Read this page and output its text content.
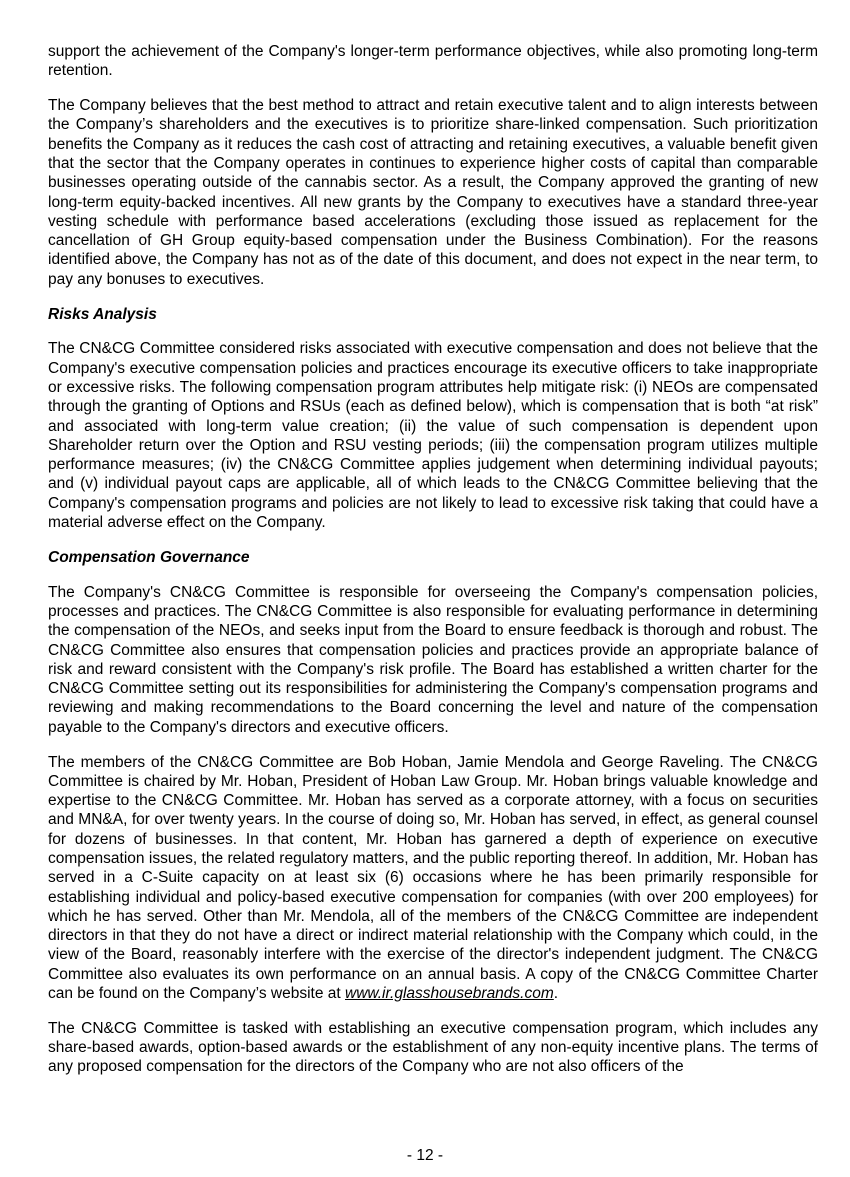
support the achievement of the Company's longer-term performance objectives, while also promoting long-term retention.

The Company believes that the best method to attract and retain executive talent and to align interests between the Company’s shareholders and the executives is to prioritize share-linked compensation. Such prioritization benefits the Company as it reduces the cash cost of attracting and retaining executives, a valuable benefit given that the sector that the Company operates in continues to experience higher costs of capital than comparable businesses operating outside of the cannabis sector. As a result, the Company approved the granting of new long-term equity-backed incentives. All new grants by the Company to executives have a standard three-year vesting schedule with performance based accelerations (excluding those issued as replacement for the cancellation of GH Group equity-based compensation under the Business Combination). For the reasons identified above, the Company has not as of the date of this document, and does not expect in the near term, to pay any bonuses to executives.

Risks Analysis

The CN&CG Committee considered risks associated with executive compensation and does not believe that the Company's executive compensation policies and practices encourage its executive officers to take inappropriate or excessive risks. The following compensation program attributes help mitigate risk: (i) NEOs are compensated through the granting of Options and RSUs (each as defined below), which is compensation that is both “at risk” and associated with long-term value creation; (ii) the value of such compensation is dependent upon Shareholder return over the Option and RSU vesting periods; (iii) the compensation program utilizes multiple performance measures; (iv) the CN&CG Committee applies judgement when determining individual payouts; and (v) individual payout caps are applicable, all of which leads to the CN&CG Committee believing that the Company's compensation programs and policies are not likely to lead to excessive risk taking that could have a material adverse effect on the Company.

Compensation Governance

The Company's CN&CG Committee is responsible for overseeing the Company's compensation policies, processes and practices. The CN&CG Committee is also responsible for evaluating performance in determining the compensation of the NEOs, and seeks input from the Board to ensure feedback is thorough and robust. The CN&CG Committee also ensures that compensation policies and practices provide an appropriate balance of risk and reward consistent with the Company's risk profile. The Board has established a written charter for the CN&CG Committee setting out its responsibilities for administering the Company's compensation programs and reviewing and making recommendations to the Board concerning the level and nature of the compensation payable to the Company's directors and executive officers.

The members of the CN&CG Committee are Bob Hoban, Jamie Mendola and George Raveling. The CN&CG Committee is chaired by Mr. Hoban, President of Hoban Law Group. Mr. Hoban brings valuable knowledge and expertise to the CN&CG Committee. Mr. Hoban has served as a corporate attorney, with a focus on securities and MN&A, for over twenty years. In the course of doing so, Mr. Hoban has served, in effect, as general counsel for dozens of businesses. In that content, Mr. Hoban has garnered a depth of experience on executive compensation issues, the related regulatory matters, and the public reporting thereof. In addition, Mr. Hoban has served in a C-Suite capacity on at least six (6) occasions where he has been primarily responsible for establishing individual and policy-based executive compensation for companies (with over 200 employees) for which he has served. Other than Mr. Mendola, all of the members of the CN&CG Committee are independent directors in that they do not have a direct or indirect material relationship with the Company which could, in the view of the Board, reasonably interfere with the exercise of the director's independent judgment. The CN&CG Committee also evaluates its own performance on an annual basis. A copy of the CN&CG Committee Charter can be found on the Company’s website at www.ir.glasshousebrands.com.

The CN&CG Committee is tasked with establishing an executive compensation program, which includes any share-based awards, option-based awards or the establishment of any non-equity incentive plans. The terms of any proposed compensation for the directors of the Company who are not also officers of the

- 12 -
